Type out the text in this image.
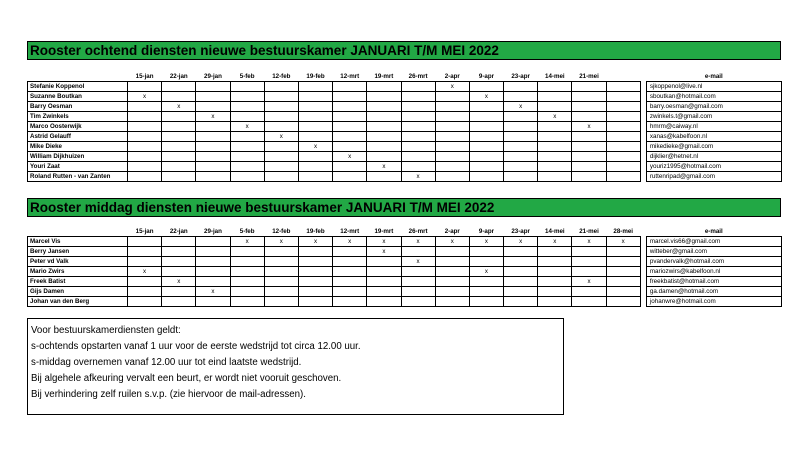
Rooster ochtend diensten nieuwe bestuurskamer JANUARI T/M MEI 2022
	15-jan	22-jan	29-jan	5-feb	12-feb	19-feb	12-mrt	19-mrt	26-mrt	2-apr	9-apr	23-apr	14-mei	21-mei			e-mail
Stefanie Koppenol										x							sjkoppenol@live.nl
Suzanne Boutkan	x										x						sboutkan@hotmail.com
Barry Oesman		x										x					barry.oesman@gmail.com
Tim Zwinkels			x										x				zwinkels.t@gmail.com
Marco Oosterwijk				x										x			hmrm@caiway.nl
Astrid Gelauff					x												xanas@kabelfoon.nl
Mike Dieke						x											mikedieke@gmail.com
William Dijkhuizen							x										dijklier@hetnet.nl
Youri Zaat								x									youriz1995@hotmail.com
Roland Rutten - van Zanten									x								ruttenripad@gmail.com
Rooster middag diensten nieuwe bestuurskamer JANUARI T/M MEI 2022
	15-jan	22-jan	29-jan	5-feb	12-feb	19-feb	12-mrt	19-mrt	26-mrt	2-apr	9-apr	23-apr	14-mei	21-mei	28-mei		e-mail
Marcel Vis				x	x	x	x	x	x	x	x	x	x	x	x		marcel.vis66@gmail.com
Berry Jansen								x									witteber@gmail.com
Peter vd Valk									x								pvandervalk@hotmail.com
Mario Zwirs	x										x						mariozwirs@kabelfoon.nl
Freek Batist		x												x			freekbatist@hotmail.com
Gijs Damen			x														ga.damen@hotmail.com
Johan van den Berg																	johanwre@hotmail.com
Voor bestuurskamerdiensten geldt:
s-ochtends opstarten vanaf 1 uur voor de eerste wedstrijd tot circa 12.00 uur.
s-middag overnemen vanaf 12.00 uur tot eind laatste wedstrijd.
Bij algehele afkeuring vervalt een beurt, er wordt niet vooruit geschoven.
Bij verhindering zelf ruilen s.v.p. (zie hiervoor de mail-adressen).
